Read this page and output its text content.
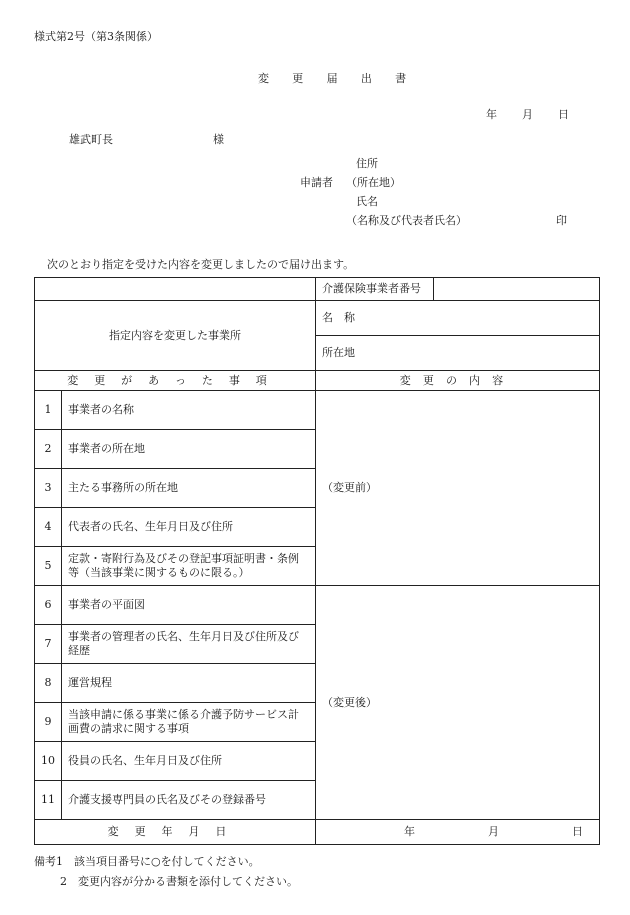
様式第2号（第3条関係）
変 更 届 出 書
年 月 日
雄武町長	様
住所
申請者 （所在地）
氏名
（名称及び代表者氏名）	印
次のとおり指定を受けた内容を変更しましたので届け出ます。
		介護保険事業者番号	
指定内容を変更した事業所		名　称	
		所在地	
変更があった事項		変更の内容	
1	事業者の名称	（変更前）	
2	事業者の所在地		
3	主たる事務所の所在地		
4	代表者の氏名、生年月日及び住所		
5	定款・寄附行為及びその登記事項証明書・条例等（当該事業に関するものに限る。）		
6	事業者の平面図	（変更後）	
7	事業者の管理者の氏名、生年月日及び住所及び経歴		
8	運営規程		
9	当該申請に係る事業に係る介護予防サービス計画費の請求に関する事項		
10	役員の氏名、生年月日及び住所		
11	介護支援専門員の氏名及びその登録番号		
変更年月日		年 月 日	
備考1　該当項目番号に○を付してください。
2　変更内容が分かる書類を添付してください。
